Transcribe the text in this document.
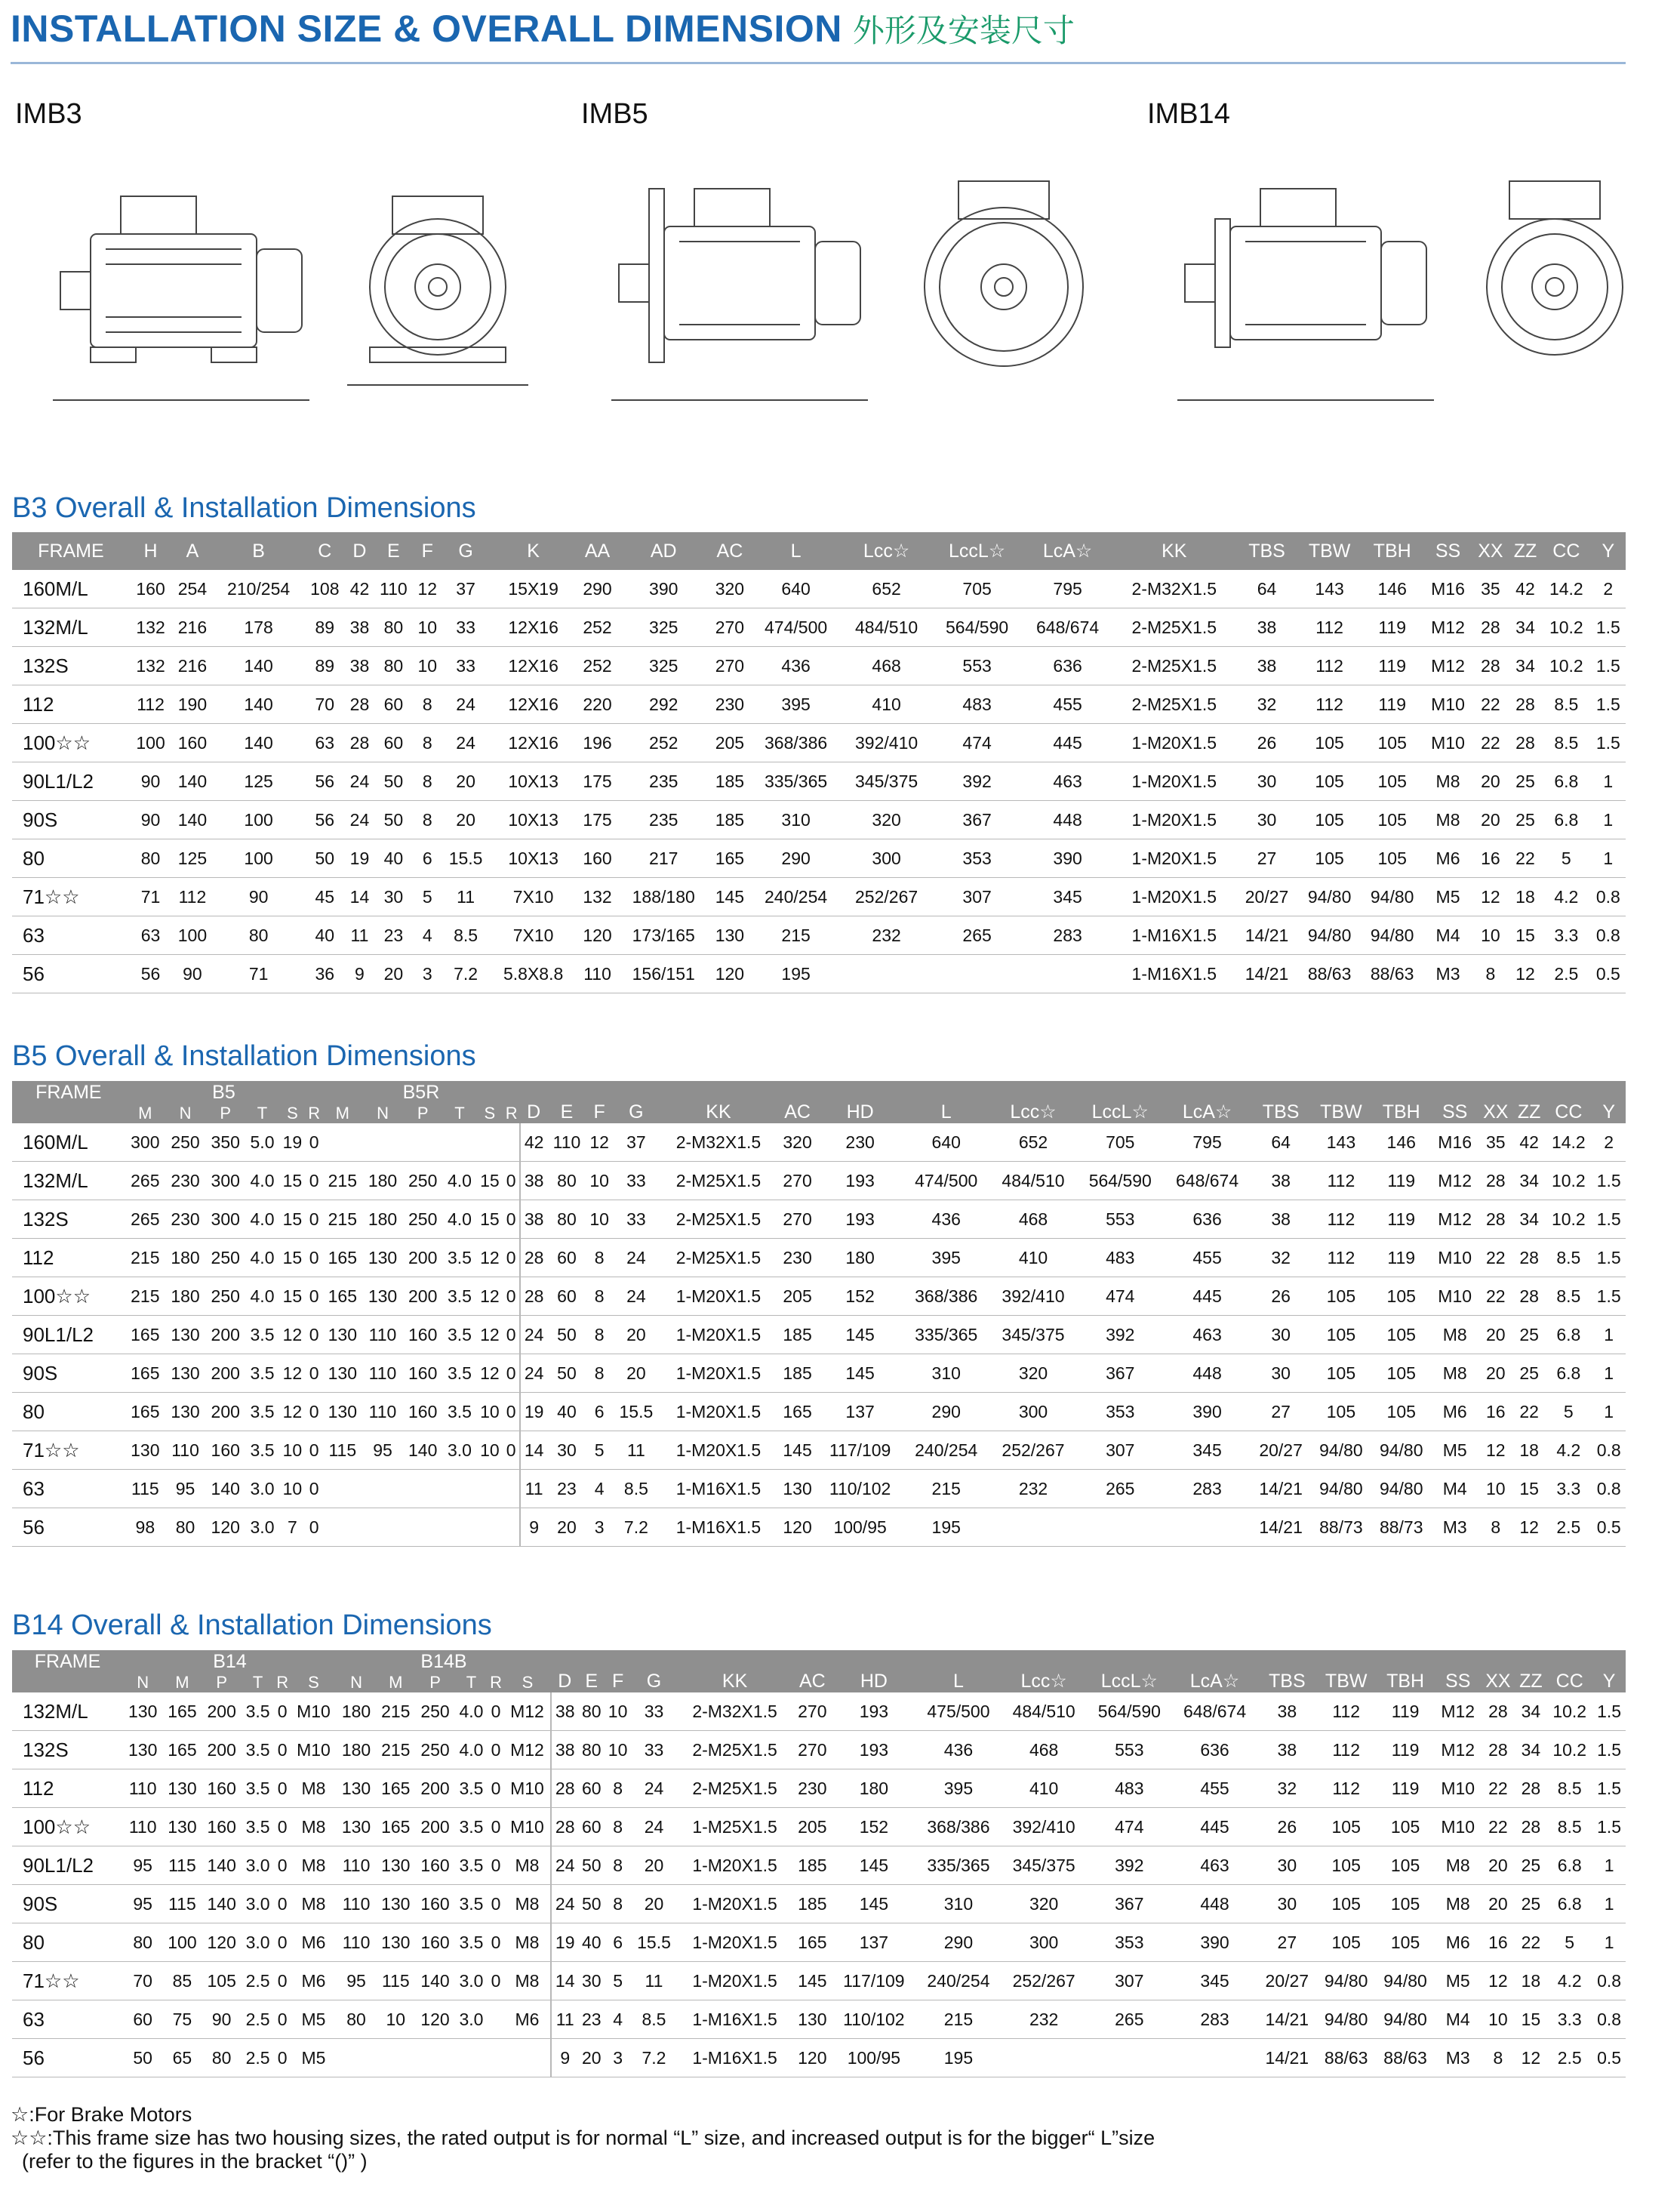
INSTALLATION SIZE & OVERALL DIMENSION 外形及安装尺寸
IMB3	IMB5	IMB14
B3 Overall & Installation Dimensions
FRAME	H	A	B	C	D	E	F	G	K	AA	AD	AC	L	Lcc☆	LccL☆	LcA☆	KK	TBS	TBW	TBH	SS	XX	ZZ	CC	Y
160M/L	160	254	210/254	108	42	110	12	37	15X19	290	390	320	640	652	705	795	2-M32X1.5	64	143	146	M16	35	42	14.2	2
132M/L	132	216	178	89	38	80	10	33	12X16	252	325	270	474/500	484/510	564/590	648/674	2-M25X1.5	38	112	119	M12	28	34	10.2	1.5
132S	132	216	140	89	38	80	10	33	12X16	252	325	270	436	468	553	636	2-M25X1.5	38	112	119	M12	28	34	10.2	1.5
112	112	190	140	70	28	60	8	24	12X16	220	292	230	395	410	483	455	2-M25X1.5	32	112	119	M10	22	28	8.5	1.5
100☆☆	100	160	140	63	28	60	8	24	12X16	196	252	205	368/386	392/410	474	445	1-M20X1.5	26	105	105	M10	22	28	8.5	1.5
90L1/L2	90	140	125	56	24	50	8	20	10X13	175	235	185	335/365	345/375	392	463	1-M20X1.5	30	105	105	M8	20	25	6.8	1
90S	90	140	100	56	24	50	8	20	10X13	175	235	185	310	320	367	448	1-M20X1.5	30	105	105	M8	20	25	6.8	1
80	80	125	100	50	19	40	6	15.5	10X13	160	217	165	290	300	353	390	1-M20X1.5	27	105	105	M6	16	22	5	1
71☆☆	71	112	90	45	14	30	5	11	7X10	132	188/180	145	240/254	252/267	307	345	1-M20X1.5	20/27	94/80	94/80	M5	12	18	4.2	0.8
63	63	100	80	40	11	23	4	8.5	7X10	120	173/165	130	215	232	265	283	1-M16X1.5	14/21	94/80	94/80	M4	10	15	3.3	0.8
56	56	90	71	36	9	20	3	7.2	5.8X8.8	110	156/151	120	195				1-M16X1.5	14/21	88/63	88/63	M3	8	12	2.5	0.5
B5 Overall & Installation Dimensions
FRAME	B5						B5R						D	E	F	G	KK	AC	HD	L	Lcc☆	LccL☆	LcA☆	TBS	TBW	TBH	SS	XX	ZZ	CC	Y
	M	N	P	T	S	R	M	N	P	T	S	R																			
160M/L	300	250	350	5.0	19	0							42	110	12	37	2-M32X1.5	320	230	640	652	705	795	64	143	146	M16	35	42	14.2	2
132M/L	265	230	300	4.0	15	0	215	180	250	4.0	15	0	38	80	10	33	2-M25X1.5	270	193	474/500	484/510	564/590	648/674	38	112	119	M12	28	34	10.2	1.5
132S	265	230	300	4.0	15	0	215	180	250	4.0	15	0	38	80	10	33	2-M25X1.5	270	193	436	468	553	636	38	112	119	M12	28	34	10.2	1.5
112	215	180	250	4.0	15	0	165	130	200	3.5	12	0	28	60	8	24	2-M25X1.5	230	180	395	410	483	455	32	112	119	M10	22	28	8.5	1.5
100☆☆	215	180	250	4.0	15	0	165	130	200	3.5	12	0	28	60	8	24	1-M20X1.5	205	152	368/386	392/410	474	445	26	105	105	M10	22	28	8.5	1.5
90L1/L2	165	130	200	3.5	12	0	130	110	160	3.5	12	0	24	50	8	20	1-M20X1.5	185	145	335/365	345/375	392	463	30	105	105	M8	20	25	6.8	1
90S	165	130	200	3.5	12	0	130	110	160	3.5	12	0	24	50	8	20	1-M20X1.5	185	145	310	320	367	448	30	105	105	M8	20	25	6.8	1
80	165	130	200	3.5	12	0	130	110	160	3.5	10	0	19	40	6	15.5	1-M20X1.5	165	137	290	300	353	390	27	105	105	M6	16	22	5	1
71☆☆	130	110	160	3.5	10	0	115	95	140	3.0	10	0	14	30	5	11	1-M20X1.5	145	117/109	240/254	252/267	307	345	20/27	94/80	94/80	M5	12	18	4.2	0.8
63	115	95	140	3.0	10	0							11	23	4	8.5	1-M16X1.5	130	110/102	215	232	265	283	14/21	94/80	94/80	M4	10	15	3.3	0.8
56	98	80	120	3.0	7	0							9	20	3	7.2	1-M16X1.5	120	100/95	195				14/21	88/73	88/73	M3	8	12	2.5	0.5
B14 Overall & Installation Dimensions
FRAME	B14						B14B						D	E	F	G	KK	AC	HD	L	Lcc☆	LccL☆	LcA☆	TBS	TBW	TBH	SS	XX	ZZ	CC	Y
	N	M	P	T	R	S	N	M	P	T	R	S																			
132M/L	130	165	200	3.5	0	M10	180	215	250	4.0	0	M12	38	80	10	33	2-M32X1.5	270	193	475/500	484/510	564/590	648/674	38	112	119	M12	28	34	10.2	1.5
132S	130	165	200	3.5	0	M10	180	215	250	4.0	0	M12	38	80	10	33	2-M25X1.5	270	193	436	468	553	636	38	112	119	M12	28	34	10.2	1.5
112	110	130	160	3.5	0	M8	130	165	200	3.5	0	M10	28	60	8	24	2-M25X1.5	230	180	395	410	483	455	32	112	119	M10	22	28	8.5	1.5
100☆☆	110	130	160	3.5	0	M8	130	165	200	3.5	0	M10	28	60	8	24	1-M25X1.5	205	152	368/386	392/410	474	445	26	105	105	M10	22	28	8.5	1.5
90L1/L2	95	115	140	3.0	0	M8	110	130	160	3.5	0	M8	24	50	8	20	1-M20X1.5	185	145	335/365	345/375	392	463	30	105	105	M8	20	25	6.8	1
90S	95	115	140	3.0	0	M8	110	130	160	3.5	0	M8	24	50	8	20	1-M20X1.5	185	145	310	320	367	448	30	105	105	M8	20	25	6.8	1
80	80	100	120	3.0	0	M6	110	130	160	3.5	0	M8	19	40	6	15.5	1-M20X1.5	165	137	290	300	353	390	27	105	105	M6	16	22	5	1
71☆☆	70	85	105	2.5	0	M6	95	115	140	3.0	0	M8	14	30	5	11	1-M20X1.5	145	117/109	240/254	252/267	307	345	20/27	94/80	94/80	M5	12	18	4.2	0.8
63	60	75	90	2.5	0	M5	80	10	120	3.0		M6	11	23	4	8.5	1-M16X1.5	130	110/102	215	232	265	283	14/21	94/80	94/80	M4	10	15	3.3	0.8
56	50	65	80	2.5	0	M5							9	20	3	7.2	1-M16X1.5	120	100/95	195				14/21	88/63	88/63	M3	8	12	2.5	0.5
☆:For Brake Motors
☆☆:This frame size has two housing sizes, the rated output is for normal “L” size, and increased output is for the bigger“ L”size
(refer to the figures in the bracket “()” )
